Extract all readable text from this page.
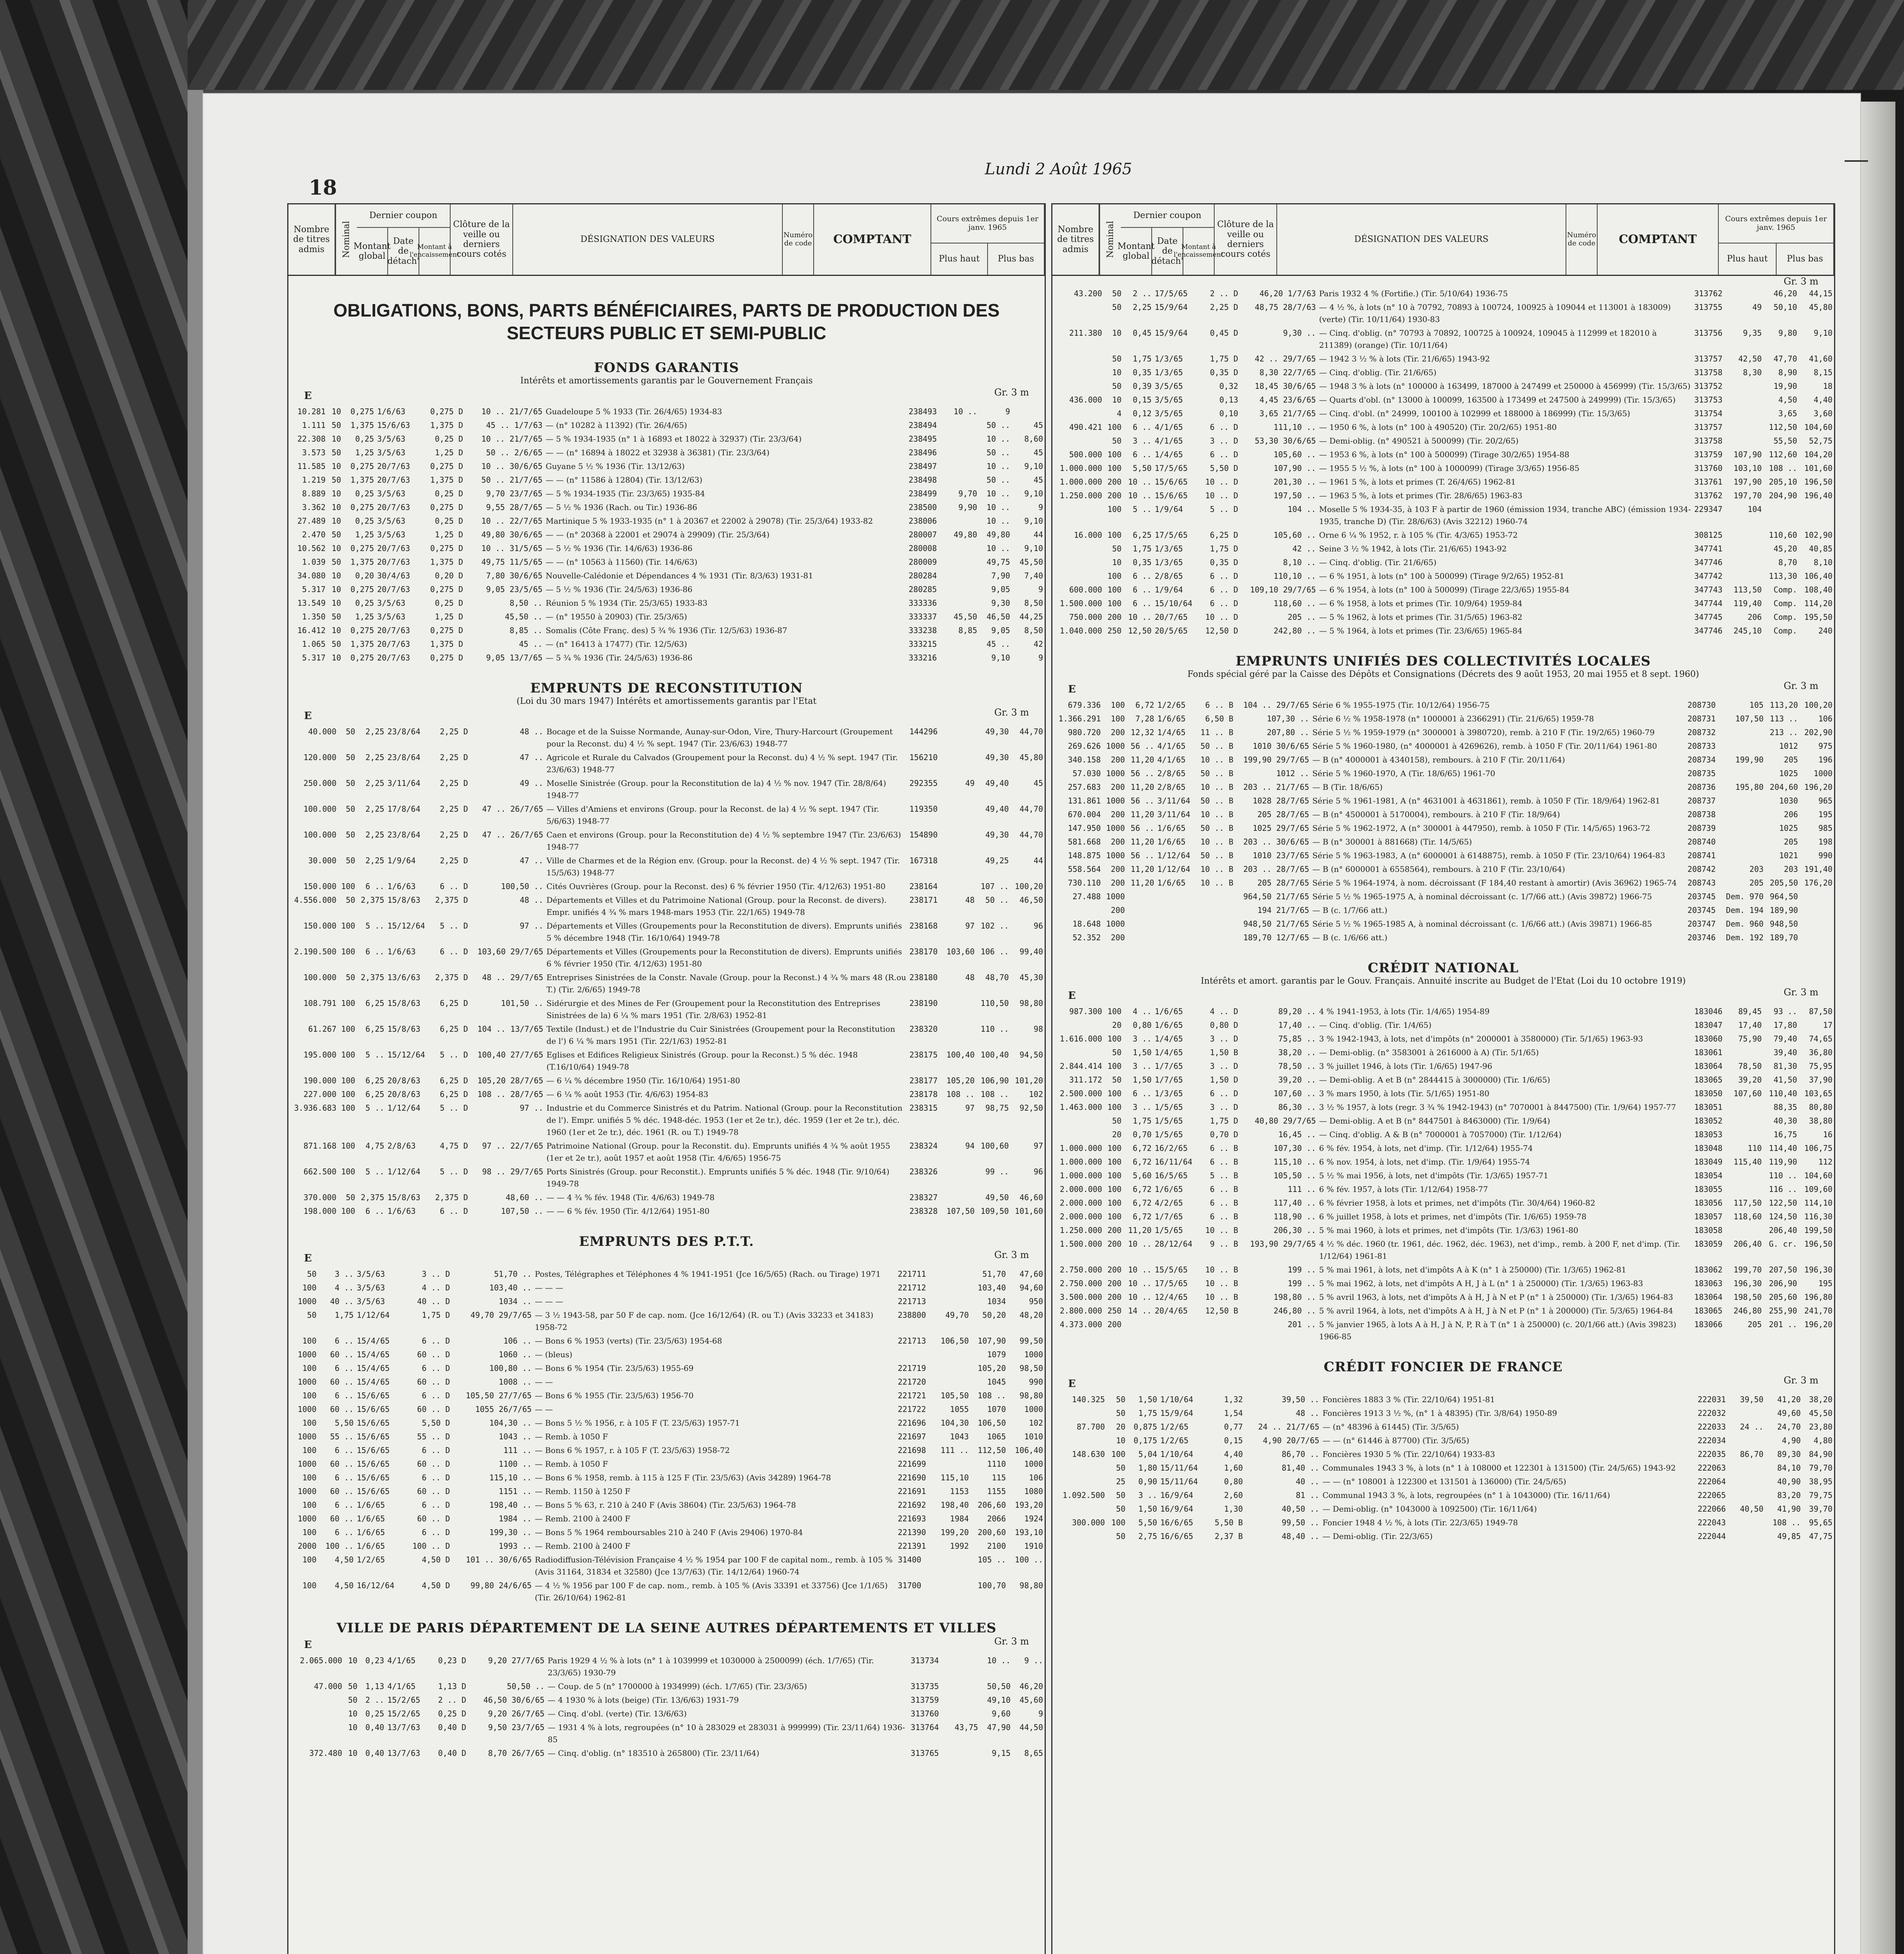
18
Lundi 2 Août 1965
Nombre de titres admis	Nominal
Dernier coupon
Montant global
Date de détach'
Montant à l'encaissement
Clôture de la veille ou derniers cours cotés
DÉSIGNATION DES VALEURS	Numéro de code	COMPTANT
Cours extrêmes depuis 1er janv. 1965
Plus haut	Plus bas
OBLIGATIONS, BONS, PARTS BÉNÉFICIAIRES, PARTS DE PRODUCTION DES SECTEURS PUBLIC ET SEMI-PUBLIC
FONDS GARANTIS
Intérêts et amortissements garantis par le Gouvernement Français
E	Gr. 3 m
10.281	10	0,275	1/6/63	0,275 D	10 .. 21/7/65	Guadeloupe 5 % 1933 (Tir. 26/4/65) 1934-83	238493	10 ..	9	
1.111	50	1,375	15/6/63	1,375 D	45 .. 1/7/63	— (n° 10282 à 11392) (Tir. 26/4/65)	238494		50 ..	45
22.308	10	0,25	3/5/63	0,25 D	10 .. 21/7/65	— 5 % 1934-1935 (n° 1 à 16893 et 18022 à 32937) (Tir. 23/3/64)	238495		10 ..	8,60
3.573	50	1,25	3/5/63	1,25 D	50 .. 2/6/65	— — (n° 16894 à 18022 et 32938 à 36381) (Tir. 23/3/64)	238496		50 ..	45
11.585	10	0,275	20/7/63	0,275 D	10 .. 30/6/65	Guyane 5 ½ % 1936 (Tir. 13/12/63)	238497		10 ..	9,10
1.219	50	1,375	20/7/63	1,375 D	50 .. 21/7/65	— — (n° 11586 à 12804) (Tir. 13/12/63)	238498		50 ..	45
8.889	10	0,25	3/5/63	0,25 D	9,70 23/7/65	— 5 % 1934-1935 (Tir. 23/3/65) 1935-84	238499	9,70	10 ..	9,10
3.362	10	0,275	20/7/63	0,275 D	9,55 28/7/65	— 5 ½ % 1936 (Rach. ou Tir.) 1936-86	238500	9,90	10 ..	9
27.489	10	0,25	3/5/63	0,25 D	10 .. 22/7/65	Martinique 5 % 1933-1935 (n° 1 à 20367 et 22002 à 29078) (Tir. 25/3/64) 1933-82	238006		10 ..	9,10
2.470	50	1,25	3/5/63	1,25 D	49,80 30/6/65	— — (n° 20368 à 22001 et 29074 à 29909) (Tir. 25/3/64)	280007	49,80	49,80	44
10.562	10	0,275	20/7/63	0,275 D	10 .. 31/5/65	— 5 ½ % 1936 (Tir. 14/6/63) 1936-86	280008		10 ..	9,10
1.039	50	1,375	20/7/63	1,375 D	49,75 11/5/65	— — (n° 10563 à 11560) (Tir. 14/6/63)	280009		49,75	45,50
34.080	10	0,20	30/4/63	0,20 D	7,80 30/6/65	Nouvelle-Calédonie et Dépendances 4 % 1931 (Tir. 8/3/63) 1931-81	280284		7,90	7,40
5.317	10	0,275	20/7/63	0,275 D	9,05 23/5/65	— 5 ½ % 1936 (Tir. 24/5/63) 1936-86	280285		9,05	9
13.549	10	0,25	3/5/63	0,25 D	8,50 ..	Réunion 5 % 1934 (Tir. 25/3/65) 1933-83	333336		9,30	8,50
1.350	50	1,25	3/5/63	1,25 D	45,50 ..	— (n° 19550 à 20903) (Tir. 25/3/65)	333337	45,50	46,50	44,25
16.412	10	0,275	20/7/63	0,275 D	8,85 ..	Somalis (Côte Franç. des) 5 ¾ % 1936 (Tir. 12/5/63) 1936-87	333238	8,85	9,05	8,50
1.065	50	1,375	20/7/63	1,375 D	45 ..	— (n° 16413 à 17477) (Tir. 12/5/63)	333215		45 ..	42
5.317	10	0,275	20/7/63	0,275 D	9,05 13/7/65	— 5 ¾ % 1936 (Tir. 24/5/63) 1936-86	333216		9,10	9
EMPRUNTS DE RECONSTITUTION
(Loi du 30 mars 1947) Intérêts et amortissements garantis par l'Etat
E	Gr. 3 m
40.000	50	2,25	23/8/64	2,25 D	48 ..	Bocage et de la Suisse Normande, Aunay-sur-Odon, Vire, Thury-Harcourt (Groupement pour la Reconst. du) 4 ½ % sept. 1947 (Tir. 23/6/63) 1948-77	144296		49,30	44,70
120.000	50	2,25	23/8/64	2,25 D	47 ..	Agricole et Rurale du Calvados (Groupement pour la Reconst. du) 4 ½ % sept. 1947 (Tir. 23/6/63) 1948-77	156210		49,30	45,80
250.000	50	2,25	3/11/64	2,25 D	49 ..	Moselle Sinistrée (Group. pour la Reconstitution de la) 4 ½ % nov. 1947 (Tir. 28/8/64) 1948-77	292355	49	49,40	45
100.000	50	2,25	17/8/64	2,25 D	47 .. 26/7/65	— Villes d'Amiens et environs (Group. pour la Reconst. de la) 4 ½ % sept. 1947 (Tir. 5/6/63) 1948-77	119350		49,40	44,70
100.000	50	2,25	23/8/64	2,25 D	47 .. 26/7/65	Caen et environs (Group. pour la Reconstitution de) 4 ½ % septembre 1947 (Tir. 23/6/63) 1948-77	154890		49,30	44,70
30.000	50	2,25	1/9/64	2,25 D	47 ..	Ville de Charmes et de la Région env. (Group. pour la Reconst. de) 4 ½ % sept. 1947 (Tir. 15/5/63) 1948-77	167318		49,25	44
150.000	100	6 ..	1/6/63	6 .. D	100,50 ..	Cités Ouvrières (Group. pour la Reconst. des) 6 % février 1950 (Tir. 4/12/63) 1951-80	238164		107 ..	100,20
4.556.000	50	2,375	15/8/63	2,375 D	48 ..	Départements et Villes et du Patrimoine National (Group. pour la Reconst. de divers). Empr. unifiés 4 ¾ % mars 1948-mars 1953 (Tir. 22/1/65) 1949-78	238171	48	50 ..	46,50
150.000	100	5 ..	15/12/64	5 .. D	97 ..	Départements et Villes (Groupements pour la Reconstitution de divers). Emprunts unifiés 5 % décembre 1948 (Tir. 16/10/64) 1949-78	238168	97	102 ..	96
2.190.500	100	6 ..	1/6/63	6 .. D	103,60 29/7/65	Départements et Villes (Groupements pour la Reconstitution de divers). Emprunts unifiés 6 % février 1950 (Tir. 4/12/63) 1951-80	238170	103,60	106 ..	99,40
100.000	50	2,375	13/6/63	2,375 D	48 .. 29/7/65	Entreprises Sinistrées de la Constr. Navale (Group. pour la Reconst.) 4 ¾ % mars 48 (R.ou T.) (Tir. 2/6/65) 1949-78	238180	48	48,70	45,30
108.791	100	6,25	15/8/63	6,25 D	101,50 ..	Sidérurgie et des Mines de Fer (Groupement pour la Reconstitution des Entreprises Sinistrées de la) 6 ¼ % mars 1951 (Tir. 2/8/63) 1952-81	238190		110,50	98,80
61.267	100	6,25	15/8/63	6,25 D	104 .. 13/7/65	Textile (Indust.) et de l'Industrie du Cuir Sinistrées (Groupement pour la Reconstitution de l') 6 ¼ % mars 1951 (Tir. 22/1/63) 1952-81	238320		110 ..	98
195.000	100	5 ..	15/12/64	5 .. D	100,40 27/7/65	Eglises et Edifices Religieux Sinistrés (Group. pour la Reconst.) 5 % déc. 1948 (T.16/10/64) 1949-78	238175	100,40	100,40	94,50
190.000	100	6,25	20/8/63	6,25 D	105,20 28/7/65	— 6 ¼ % décembre 1950 (Tir. 16/10/64) 1951-80	238177	105,20	106,90	101,20
227.000	100	6,25	20/8/63	6,25 D	108 .. 28/7/65	— 6 ¼ % août 1953 (Tir. 4/6/63) 1954-83	238178	108 ..	108 ..	102
3.936.683	100	5 ..	1/12/64	5 .. D	97 ..	Industrie et du Commerce Sinistrés et du Patrim. National (Group. pour la Reconstitution de l'). Empr. unifiés 5 % déc. 1948-déc. 1953 (1er et 2e tr.), déc. 1959 (1er et 2e tr.), déc. 1960 (1er et 2e tr.), déc. 1961 (R. ou T.) 1949-78	238315	97	98,75	92,50
871.168	100	4,75	2/8/63	4,75 D	97 .. 22/7/65	Patrimoine National (Group. pour la Reconstit. du). Emprunts unifiés 4 ¾ % août 1955 (1er et 2e tr.), août 1957 et août 1958 (Tir. 4/6/65) 1956-75	238324	94	100,60	97
662.500	100	5 ..	1/12/64	5 .. D	98 .. 29/7/65	Ports Sinistrés (Group. pour Reconstit.). Emprunts unifiés 5 % déc. 1948 (Tir. 9/10/64) 1949-78	238326		99 ..	96
370.000	50	2,375	15/8/63	2,375 D	48,60 ..	— — 4 ¾ % fév. 1948 (Tir. 4/6/63) 1949-78	238327		49,50	46,60
198.000	100	6 ..	1/6/63	6 .. D	107,50 ..	— — 6 % fév. 1950 (Tir. 4/12/64) 1951-80	238328	107,50	109,50	101,60
EMPRUNTS DES P.T.T.
E	Gr. 3 m
	50	3 ..	3/5/63	3 .. D	51,70 ..	Postes, Télégraphes et Téléphones 4 % 1941-1951 (Jce 16/5/65) (Rach. ou Tirage) 1971	221711		51,70	47,60
	100	4 ..	3/5/63	4 .. D	103,40 ..	— — —	221712		103,40	94,60
	1000	40 ..	3/5/63	40 .. D	1034 ..	— — —	221713		1034	950
	50	1,75	1/12/64	1,75 D	49,70 29/7/65	— 3 ½ 1943-58, par 50 F de cap. nom. (Jce 16/12/64) (R. ou T.) (Avis 33233 et 34183) 1958-72	238800	49,70	50,20	48,20
	100	6 ..	15/4/65	6 .. D	106 ..	— Bons 6 % 1953 (verts) (Tir. 23/5/63) 1954-68	221713	106,50	107,90	99,50
	1000	60 ..	15/4/65	60 .. D	1060 ..	— (bleus)			1079	1000
	100	6 ..	15/4/65	6 .. D	100,80 ..	— Bons 6 % 1954 (Tir. 23/5/63) 1955-69	221719		105,20	98,50
	1000	60 ..	15/4/65	60 .. D	1008 ..	— —	221720		1045	990
	100	6 ..	15/6/65	6 .. D	105,50 27/7/65	— Bons 6 % 1955 (Tir. 23/5/63) 1956-70	221721	105,50	108 ..	98,80
	1000	60 ..	15/6/65	60 .. D	1055 26/7/65	— —	221722	1055	1070	1000
	100	5,50	15/6/65	5,50 D	104,30 ..	— Bons 5 ½ % 1956, r. à 105 F (T. 23/5/63) 1957-71	221696	104,30	106,50	102
	1000	55 ..	15/6/65	55 .. D	1043 ..	— Remb. à 1050 F	221697	1043	1065	1010
	100	6 ..	15/6/65	6 .. D	111 ..	— Bons 6 % 1957, r. à 105 F (T. 23/5/63) 1958-72	221698	111 ..	112,50	106,40
	1000	60 ..	15/6/65	60 .. D	1100 ..	— Remb. à 1050 F	221699		1110	1000
	100	6 ..	15/6/65	6 .. D	115,10 ..	— Bons 6 % 1958, remb. à 115 à 125 F (Tir. 23/5/63) (Avis 34289) 1964-78	221690	115,10	115	106
	1000	60 ..	15/6/65	60 .. D	1151 ..	— Remb. 1150 à 1250 F	221691	1153	1155	1080
	100	6 ..	1/6/65	6 .. D	198,40 ..	— Bons 5 % 63, r. 210 à 240 F (Avis 38604) (Tir. 23/5/63) 1964-78	221692	198,40	206,60	193,20
	1000	60 ..	1/6/65	60 .. D	1984 ..	— Remb. 2100 à 2400 F	221693	1984	2066	1924
	100	6 ..	1/6/65	6 .. D	199,30 ..	— Bons 5 % 1964 remboursables 210 à 240 F (Avis 29406) 1970-84	221390	199,20	200,60	193,10
	2000	100 ..	1/6/65	100 .. D	1993 ..	— Remb. 2100 à 2400 F	221391	1992	2100	1910
	100	4,50	1/2/65	4,50 D	101 .. 30/6/65	Radiodiffusion-Télévision Française 4 ½ % 1954 par 100 F de capital nom., remb. à 105 % (Avis 31164, 31834 et 32580) (Jce 13/7/63) (Tir. 14/12/64) 1960-74	31400		105 ..	100 ..
	100	4,50	16/12/64	4,50 D	99,80 24/6/65	— 4 ½ % 1956 par 100 F de cap. nom., remb. à 105 % (Avis 33391 et 33756) (Jce 1/1/65) (Tir. 26/10/64) 1962-81	31700		100,70	98,80
VILLE DE PARIS DÉPARTEMENT DE LA SEINE AUTRES DÉPARTEMENTS ET VILLES
E	Gr. 3 m
2.065.000	10	0,23	4/1/65	0,23 D	9,20 27/7/65	Paris 1929 4 ½ % à lots (n° 1 à 1039999 et 1030000 à 2500099) (éch. 1/7/65) (Tir. 23/3/65) 1930-79	313734		10 ..	9 ..
47.000	50	1,13	4/1/65	1,13 D	50,50 ..	— Coup. de 5 (n° 1700000 à 1934999) (éch. 1/7/65) (Tir. 23/3/65)	313735		50,50	46,20
	50	2 ..	15/2/65	2 .. D	46,50 30/6/65	— 4 1930 % à lots (beige) (Tir. 13/6/63) 1931-79	313759		49,10	45,60
	10	0,25	15/2/65	0,25 D	9,20 26/7/65	— Cinq. d'obl. (verte) (Tir. 13/6/63)	313760		9,60	9
	10	0,40	13/7/63	0,40 D	9,50 23/7/65	— 1931 4 % à lots, regroupées (n° 10 à 283029 et 283031 à 999999) (Tir. 23/11/64) 1936-85	313764	43,75	47,90	44,50
372.480	10	0,40	13/7/63	0,40 D	8,70 26/7/65	— Cinq. d'oblig. (n° 183510 à 265800) (Tir. 23/11/64)	313765		9,15	8,65
Nombre de titres admis	Nominal
Dernier coupon
Montant global
Date de détach'
Montant à l'encaissement
Clôture de la veille ou derniers cours cotés
DÉSIGNATION DES VALEURS	Numéro de code	COMPTANT
Cours extrêmes depuis 1er janv. 1965
Plus haut	Plus bas
Gr. 3 m
43.200	50	2 ..	17/5/65	2 .. D	46,20 1/7/63	Paris 1932 4 % (Fortifie.) (Tir. 5/10/64) 1936-75	313762		46,20	44,15
	50	2,25	15/9/64	2,25 D	48,75 28/7/63	— 4 ½ %, à lots (n° 10 à 70792, 70893 à 100724, 100925 à 109044 et 113001 à 183009) (verte) (Tir. 10/11/64) 1930-83	313755	49	50,10	45,80
211.380	10	0,45	15/9/64	0,45 D	9,30 ..	— Cinq. d'oblig. (n° 70793 à 70892, 100725 à 100924, 109045 à 112999 et 182010 à 211389) (orange) (Tir. 10/11/64)	313756	9,35	9,80	9,10
	50	1,75	1/3/65	1,75 D	42 .. 29/7/65	— 1942 3 ½ % à lots (Tir. 21/6/65) 1943-92	313757	42,50	47,70	41,60
	10	0,35	1/3/65	0,35 D	8,30 22/7/65	— Cinq. d'oblig. (Tir. 21/6/65)	313758	8,30	8,90	8,15
	50	0,39	3/5/65	0,32	18,45 30/6/65	— 1948 3 % à lots (n° 100000 à 163499, 187000 à 247499 et 250000 à 456999) (Tir. 15/3/65)	313752		19,90	18
436.000	10	0,15	3/5/65	0,13	4,45 23/6/65	— Quarts d'obl. (n° 13000 à 100099, 163500 à 173499 et 247500 à 249999) (Tir. 15/3/65)	313753		4,50	4,40
	4	0,12	3/5/65	0,10	3,65 21/7/65	— Cinq. d'obl. (n° 24999, 100100 à 102999 et 188000 à 186999) (Tir. 15/3/65)	313754		3,65	3,60
490.421	100	6 ..	4/1/65	6 .. D	111,10 ..	— 1950 6 %, à lots (n° 100 à 490520) (Tir. 20/2/65) 1951-80	313757		112,50	104,60
	50	3 ..	4/1/65	3 .. D	53,30 30/6/65	— Demi-oblig. (n° 490521 à 500099) (Tir. 20/2/65)	313758		55,50	52,75
500.000	100	6 ..	1/4/65	6 .. D	105,60 ..	— 1953 6 %, à lots (n° 100 à 500099) (Tirage 30/2/65) 1954-88	313759	107,90	112,60	104,20
1.000.000	100	5,50	17/5/65	5,50 D	107,90 ..	— 1955 5 ½ %, à lots (n° 100 à 1000099) (Tirage 3/3/65) 1956-85	313760	103,10	108 ..	101,60
1.000.000	200	10 ..	15/6/65	10 .. D	201,30 ..	— 1961 5 %, à lots et primes (T. 26/4/65) 1962-81	313761	197,90	205,10	196,50
1.250.000	200	10 ..	15/6/65	10 .. D	197,50 ..	— 1963 5 %, à lots et primes (Tir. 28/6/65) 1963-83	313762	197,70	204,90	196,40
	100	5 ..	1/9/64	5 .. D	104 ..	Moselle 5 % 1934-35, à 103 F à partir de 1960 (émission 1934, tranche ABC) (émission 1934-1935, tranche D) (Tir. 28/6/63) (Avis 32212) 1960-74	229347	104		
16.000	100	6,25	17/5/65	6,25 D	105,60 ..	Orne 6 ¼ % 1952, r. à 105 % (Tir. 4/3/65) 1953-72	308125		110,60	102,90
	50	1,75	1/3/65	1,75 D	42 ..	Seine 3 ½ % 1942, à lots (Tir. 21/6/65) 1943-92	347741		45,20	40,85
	10	0,35	1/3/65	0,35 D	8,10 ..	— Cinq. d'oblig. (Tir. 21/6/65)	347746		8,70	8,10
	100	6 ..	2/8/65	6 .. D	110,10 ..	— 6 % 1951, à lots (n° 100 à 500099) (Tirage 9/2/65) 1952-81	347742		113,30	106,40
600.000	100	6 ..	1/9/64	6 .. D	109,10 29/7/65	— 6 % 1954, à lots (n° 100 à 500099) (Tirage 22/3/65) 1955-84	347743	113,50	Comp.	108,40
1.500.000	100	6 ..	15/10/64	6 .. D	118,60 ..	— 6 % 1958, à lots et primes (Tir. 10/9/64) 1959-84	347744	119,40	Comp.	114,20
750.000	200	10 ..	20/7/65	10 .. D	205 ..	— 5 % 1962, à lots et primes (Tir. 31/5/65) 1963-82	347745	206	Comp.	195,50
1.040.000	250	12,50	20/5/65	12,50 D	242,80 ..	— 5 % 1964, à lots et primes (Tir. 23/6/65) 1965-84	347746	245,10	Comp.	240
EMPRUNTS UNIFIÉS DES COLLECTIVITÉS LOCALES
Fonds spécial géré par la Caisse des Dépôts et Consignations (Décrets des 9 août 1953, 20 mai 1955 et 8 sept. 1960)
E	Gr. 3 m
679.336	100	6,72	1/2/65	6 .. B	104 .. 29/7/65	Série 6 % 1955-1975 (Tir. 10/12/64) 1956-75	208730	105	113,20	100,20
1.366.291	100	7,28	1/6/65	6,50 B	107,30 ..	Série 6 ½ % 1958-1978 (n° 1000001 à 2366291) (Tir. 21/6/65) 1959-78	208731	107,50	113 ..	106
980.720	200	12,32	1/4/65	11 .. B	207,80 ..	Série 5 ½ % 1959-1979 (n° 3000001 à 3980720), remb. à 210 F (Tir. 19/2/65) 1960-79	208732		213 ..	202,90
269.626	1000	56 ..	4/1/65	50 .. B	1010 30/6/65	Série 5 % 1960-1980, (n° 4000001 à 4269626), remb. à 1050 F (Tir. 20/11/64) 1961-80	208733		1012	975
340.158	200	11,20	4/1/65	10 .. B	199,90 29/7/65	— B (n° 4000001 à 4340158), rembours. à 210 F (Tir. 20/11/64)	208734	199,90	205	196
57.030	1000	56 ..	2/8/65	50 .. B	1012 ..	Série 5 % 1960-1970, A (Tir. 18/6/65) 1961-70	208735		1025	1000
257.683	200	11,20	2/8/65	10 .. B	203 .. 21/7/65	— B (Tir. 18/6/65)	208736	195,80	204,60	196,20
131.861	1000	56 ..	3/11/64	50 .. B	1028 28/7/65	Série 5 % 1961-1981, A (n° 4631001 à 4631861), remb. à 1050 F (Tir. 18/9/64) 1962-81	208737		1030	965
670.004	200	11,20	3/11/64	10 .. B	205 28/7/65	— B (n° 4500001 à 5170004), rembours. à 210 F (Tir. 18/9/64)	208738		206	195
147.950	1000	56 ..	1/6/65	50 .. B	1025 29/7/65	Série 5 % 1962-1972, A (n° 300001 à 447950), remb. à 1050 F (Tir. 14/5/65) 1963-72	208739		1025	985
581.668	200	11,20	1/6/65	10 .. B	203 .. 30/6/65	— B (n° 300001 à 881668) (Tir. 14/5/65)	208740		205	198
148.875	1000	56 ..	1/12/64	50 .. B	1010 23/7/65	Série 5 % 1963-1983, A (n° 6000001 à 6148875), remb. à 1050 F (Tir. 23/10/64) 1964-83	208741		1021	990
558.564	200	11,20	1/12/64	10 .. B	203 .. 28/7/65	— B (n° 6000001 à 6558564), rembours. à 210 F (Tir. 23/10/64)	208742	203	203	191,40
730.110	200	11,20	1/6/65	10 .. B	205 28/7/65	Série 5 % 1964-1974, à nom. décroissant (F 184,40 restant à amortir) (Avis 36962) 1965-74	208743	205	205,50	176,20
27.488	1000				964,50 21/7/65	Série 5 ½ % 1965-1975 A, à nominal décroissant (c. 1/7/66 att.) (Avis 39872) 1966-75	203745	Dem. 970	964,50	
	200				194 21/7/65	— B (c. 1/7/66 att.)	203745	Dem. 194	189,90	
18.648	1000				948,50 21/7/65	Série 5 ½ % 1965-1985 A, à nominal décroissant (c. 1/6/66 att.) (Avis 39871) 1966-85	203747	Dem. 960	948,50	
52.352	200				189,70 12/7/65	— B (c. 1/6/66 att.)	203746	Dem. 192	189,70	
CRÉDIT NATIONAL
Intérêts et amort. garantis par le Gouv. Français. Annuité inscrite au Budget de l'Etat (Loi du 10 octobre 1919)
E	Gr. 3 m
987.300	100	4 ..	1/6/65	4 .. D	89,20 ..	4 % 1941-1953, à lots (Tir. 1/4/65) 1954-89	183046	89,45	93 ..	87,50
	20	0,80	1/6/65	0,80 D	17,40 ..	— Cinq. d'oblig. (Tir. 1/4/65)	183047	17,40	17,80	17
1.616.000	100	3 ..	1/4/65	3 .. D	75,85 ..	3 % 1942-1943, à lots, net d'impôts (n° 2000001 à 3580000) (Tir. 5/1/65) 1963-93	183060	75,90	79,40	74,65
	50	1,50	1/4/65	1,50 B	38,20 ..	— Demi-oblig. (n° 3583001 à 2616000 à A) (Tir. 5/1/65)	183061		39,40	36,80
2.844.414	100	3 ..	1/7/65	3 .. D	78,50 ..	3 % juillet 1946, à lots (Tir. 1/6/65) 1947-96	183064	78,50	81,30	75,95
311.172	50	1,50	1/7/65	1,50 D	39,20 ..	— Demi-oblig. A et B (n° 2844415 à 3000000) (Tir. 1/6/65)	183065	39,20	41,50	37,90
2.500.000	100	6 ..	1/3/65	6 .. D	107,60 ..	3 % mars 1950, à lots (Tir. 5/1/65) 1951-80	183050	107,60	110,40	103,65
1.463.000	100	3 ..	1/5/65	3 .. D	86,30 ..	3 ½ % 1957, à lots (regr. 3 ¾ % 1942-1943) (n° 7070001 à 8447500) (Tir. 1/9/64) 1957-77	183051		88,35	80,80
	50	1,75	1/5/65	1,75 D	40,80 29/7/65	— Demi-oblig. A et B (n° 8447501 à 8463000) (Tir. 1/9/64)	183052		40,30	38,80
	20	0,70	1/5/65	0,70 D	16,45 ..	— Cinq. d'oblig. A & B (n° 7000001 à 7057000) (Tir. 1/12/64)	183053		16,75	16
1.000.000	100	6,72	16/2/65	6 .. B	107,30 ..	6 % fév. 1954, à lots, net d'imp. (Tir. 1/12/64) 1955-74	183048	110	114,40	106,75
1.000.000	100	6,72	16/11/64	6 .. B	115,10 ..	6 % nov. 1954, à lots, net d'imp. (Tir. 1/9/64) 1955-74	183049	115,40	119,90	112
1.000.000	100	5,60	16/5/65	5 .. B	105,50 ..	5 ½ % mai 1956, à lots, net d'impôts (Tir. 1/3/65) 1957-71	183054		110 ..	104,60
2.000.000	100	6,72	1/6/65	6 .. B	111 ..	6 % fév. 1957, à lots (Tir. 1/12/64) 1958-77	183055		116 ..	109,60
2.000.000	100	6,72	4/2/65	6 .. B	117,40 ..	6 % février 1958, à lots et primes, net d'impôts (Tir. 30/4/64) 1960-82	183056	117,50	122,50	114,10
2.000.000	100	6,72	1/7/65	6 .. B	118,90 ..	6 % juillet 1958, à lots et primes, net d'impôts (Tir. 1/6/65) 1959-78	183057	118,60	124,50	116,30
1.250.000	200	11,20	1/5/65	10 .. B	206,30 ..	5 % mai 1960, à lots et primes, net d'impôts (Tir. 1/3/63) 1961-80	183058		206,40	199,50
1.500.000	200	10 ..	28/12/64	9 .. B	193,90 29/7/65	4 ½ % déc. 1960 (tr. 1961, déc. 1962, déc. 1963), net d'imp., remb. à 200 F, net d'imp. (Tir. 1/12/64) 1961-81	183059	206,40	G. cr.	196,50
2.750.000	200	10 ..	15/5/65	10 .. B	199 ..	5 % mai 1961, à lots, net d'impôts A à K (n° 1 à 250000) (Tir. 1/3/65) 1962-81	183062	199,70	207,50	196,30
2.750.000	200	10 ..	17/5/65	10 .. B	199 ..	5 % mai 1962, à lots, net d'impôts A H, J à L (n° 1 à 250000) (Tir. 1/3/65) 1963-83	183063	196,30	206,90	195
3.500.000	200	10 ..	12/4/65	10 .. B	198,80 ..	5 % avril 1963, à lots, net d'impôts A à H, J à N et P (n° 1 à 250000) (Tir. 1/3/65) 1964-83	183064	198,50	205,60	196,80
2.800.000	250	14 ..	20/4/65	12,50 B	246,80 ..	5 % avril 1964, à lots, net d'impôts A à H, J à N et P (n° 1 à 200000) (Tir. 5/3/65) 1964-84	183065	246,80	255,90	241,70
4.373.000	200				201 ..	5 % janvier 1965, à lots A à H, J à N, P, R à T (n° 1 à 250000) (c. 20/1/66 att.) (Avis 39823) 1966-85	183066	205	201 ..	196,20
CRÉDIT FONCIER DE FRANCE
E	Gr. 3 m
140.325	50	1,50	1/10/64	1,32	39,50 ..	Foncières 1883 3 % (Tir. 22/10/64) 1951-81	222031	39,50	41,20	38,20
	50	1,75	15/9/64	1,54	48 ..	Foncières 1913 3 ½ %, (n° 1 à 48395) (Tir. 3/8/64) 1950-89	222032		49,60	45,50
87.700	20	0,875	1/2/65	0,77	24 .. 21/7/65	— (n° 48396 à 61445) (Tir. 3/5/65)	222033	24 ..	24,70	23,80
	10	0,175	1/2/65	0,15	4,90 20/7/65	— — (n° 61446 à 87700) (Tir. 3/5/65)	222034		4,90	4,80
148.630	100	5,04	1/10/64	4,40	86,70 ..	Foncières 1930 5 % (Tir. 22/10/64) 1933-83	222035	86,70	89,30	84,90
	50	1,80	15/11/64	1,60	81,40 ..	Communales 1943 3 %, à lots (n° 1 à 108000 et 122301 à 131500) (Tir. 24/5/65) 1943-92	222063		84,10	79,70
	25	0,90	15/11/64	0,80	40 ..	— — (n° 108001 à 122300 et 131501 à 136000) (Tir. 24/5/65)	222064		40,90	38,95
1.092.500	50	3 ..	16/9/64	2,60	81 ..	Communal 1943 3 %, à lots, regroupées (n° 1 à 1043000) (Tir. 16/11/64)	222065		83,20	79,75
	50	1,50	16/9/64	1,30	40,50 ..	— Demi-oblig. (n° 1043000 à 1092500) (Tir. 16/11/64)	222066	40,50	41,90	39,70
300.000	100	5,50	16/6/65	5,50 B	99,50 ..	Foncier 1948 4 ½ %, à lots (Tir. 22/3/65) 1949-78	222043		108 ..	95,65
	50	2,75	16/6/65	2,37 B	48,40 ..	— Demi-oblig. (Tir. 22/3/65)	222044		49,85	47,75
